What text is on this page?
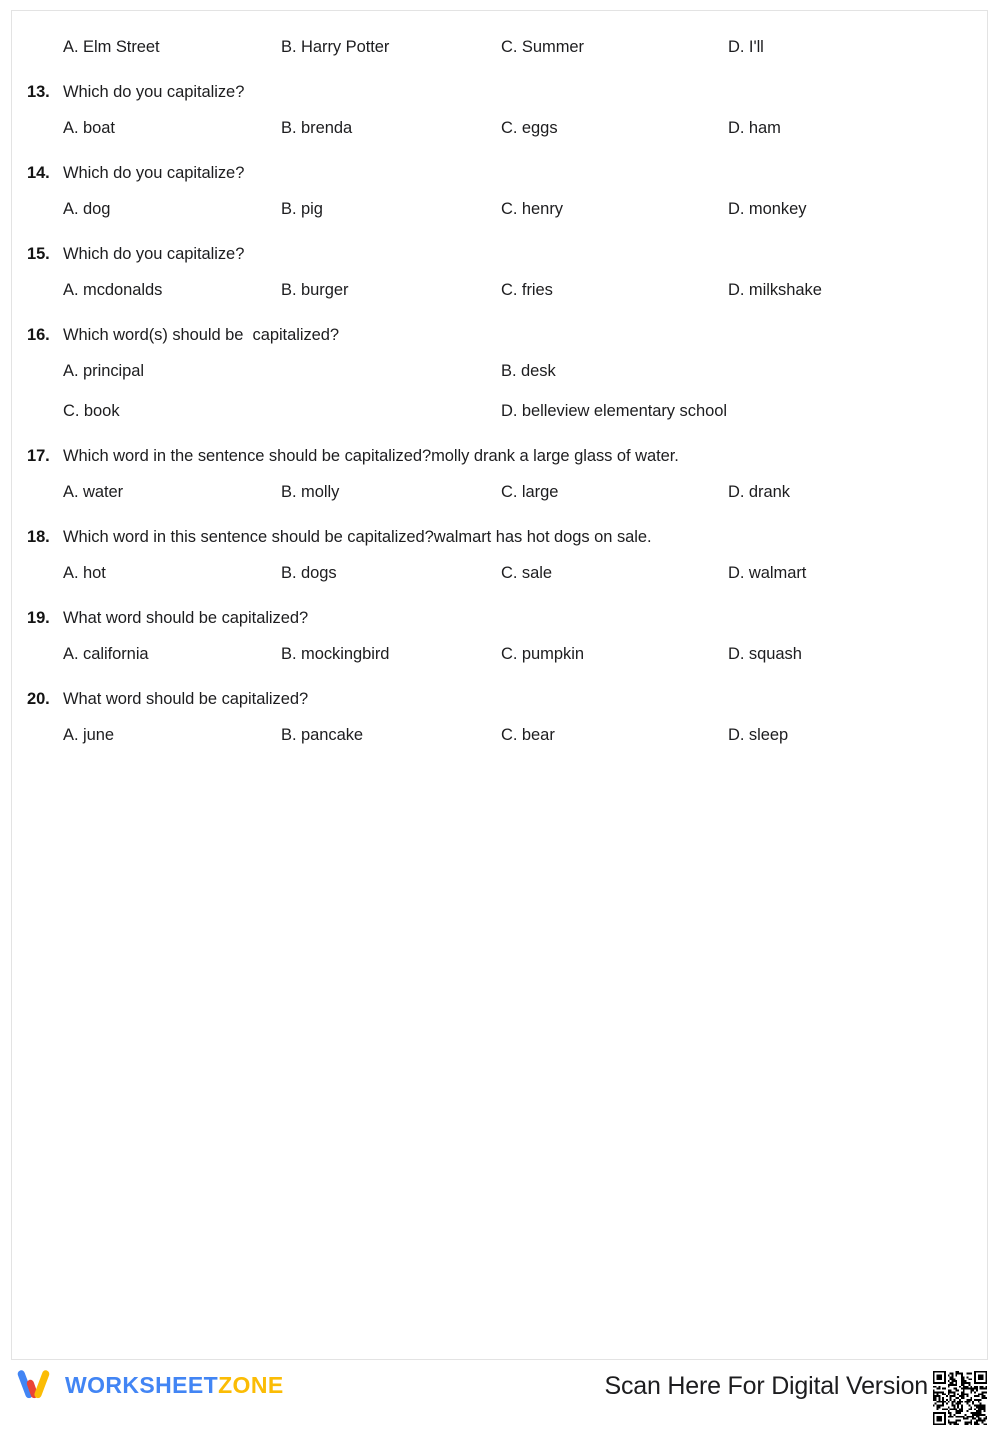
A. Elm Street	B. Harry Potter	C. Summer	D. I'll
13. Which do you capitalize?
A. boat	B. brenda	C. eggs	D. ham
14. Which do you capitalize?
A. dog	B. pig	C. henry	D. monkey
15. Which do you capitalize?
A. mcdonalds	B. burger	C. fries	D. milkshake
16. Which word(s) should be  capitalized?
A. principal	B. desk
C. book	D. belleview elementary school
17. Which word in the sentence should be capitalized?molly drank a large glass of water.
A. water	B. molly	C. large	D. drank
18. Which word in this sentence should be capitalized?walmart has hot dogs on sale.
A. hot	B. dogs	C. sale	D. walmart
19. What word should be capitalized?
A. california	B. mockingbird	C. pumpkin	D. squash
20. What word should be capitalized?
A. june	B. pancake	C. bear	D. sleep
WORKSHEETZONE	Scan Here For Digital Version
